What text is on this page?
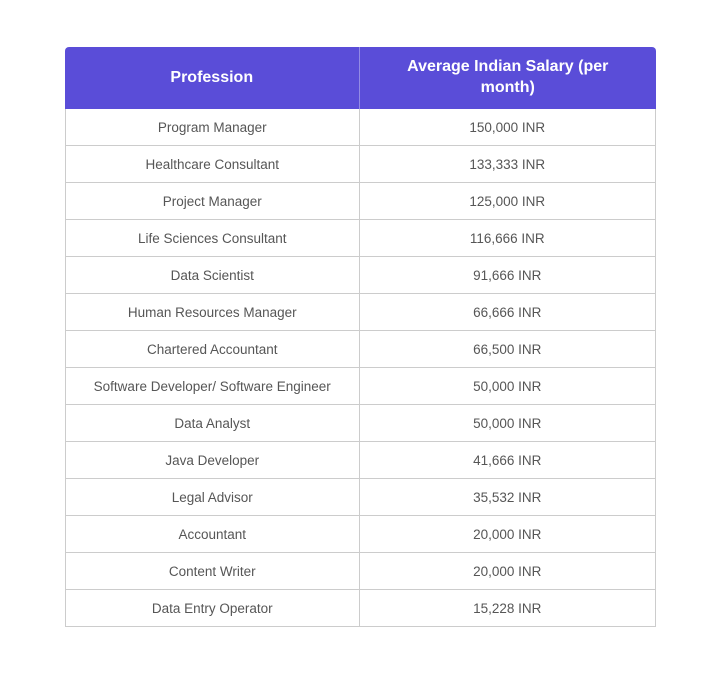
Profession	Average Indian Salary (per month)
Program Manager	150,000 INR
Healthcare Consultant	133,333 INR
Project Manager	125,000 INR
Life Sciences Consultant	116,666 INR
Data Scientist	91,666 INR
Human Resources Manager	66,666 INR
Chartered Accountant	66,500 INR
Software Developer/ Software Engineer	50,000 INR
Data Analyst	50,000 INR
Java Developer	41,666 INR
Legal Advisor	35,532 INR
Accountant	20,000 INR
Content Writer	20,000 INR
Data Entry Operator	15,228 INR
